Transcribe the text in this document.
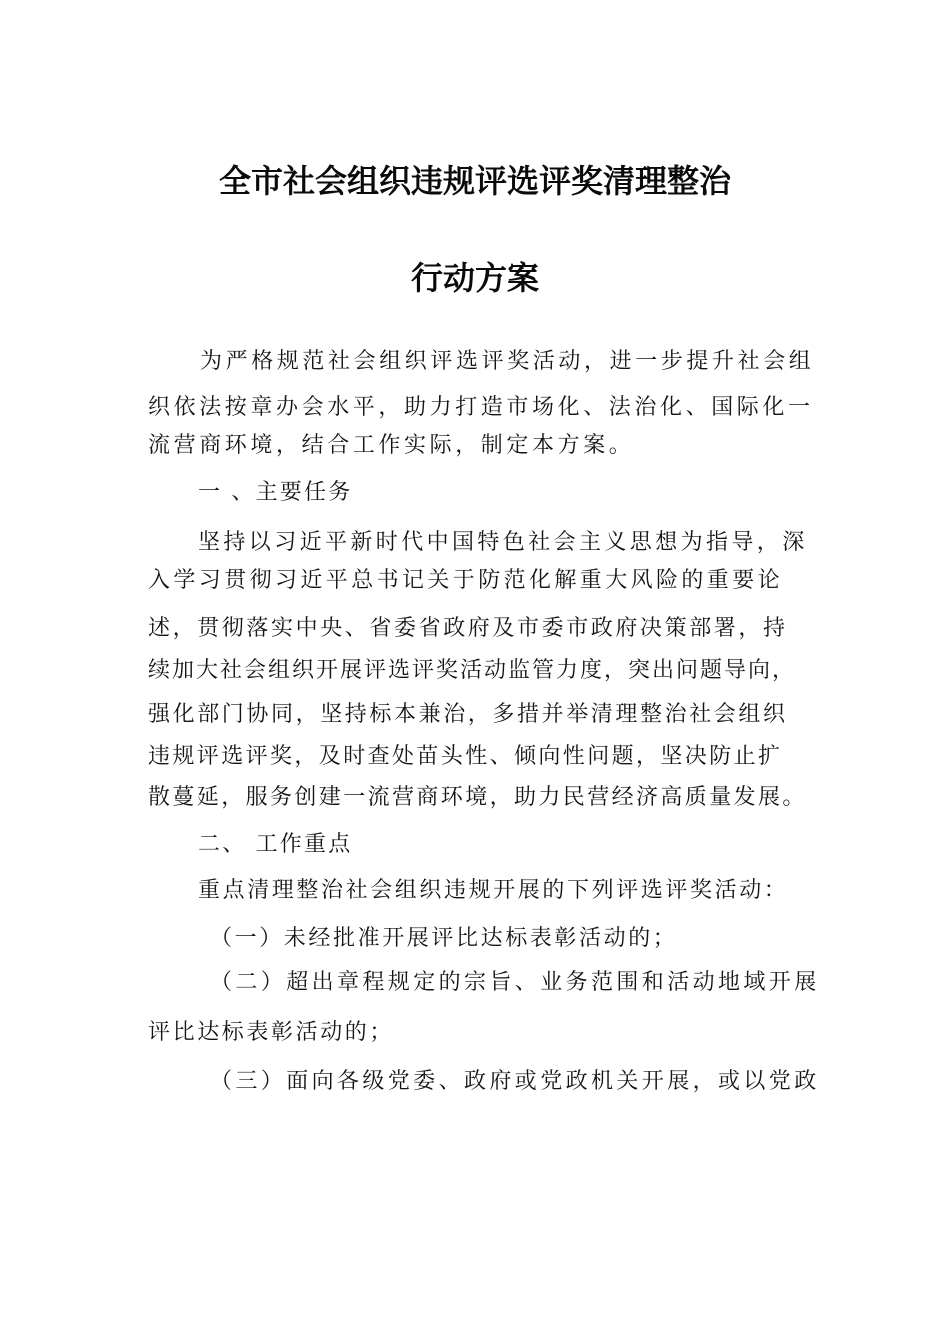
全市社会组织违规评选评奖清理整治
行动方案
为严格规范社会组织评选评奖活动，进一步提升社会组
织依法按章办会水平，助力打造市场化、法治化、国际化一
流营商环境，结合工作实际，制定本方案。
一 、主要任务
坚持以习近平新时代中国特色社会主义思想为指导，深
入学习贯彻习近平总书记关于防范化解重大风险的重要论
述，贯彻落实中央、省委省政府及市委市政府决策部署，持
续加大社会组织开展评选评奖活动监管力度，突出问题导向，
强化部门协同，坚持标本兼治，多措并举清理整治社会组织
违规评选评奖，及时查处苗头性、倾向性问题，坚决防止扩
散蔓延，服务创建一流营商环境，助力民营经济高质量发展。
二、 工作重点
重点清理整治社会组织违规开展的下列评选评奖活动：
（一）未经批准开展评比达标表彰活动的；
（二）超出章程规定的宗旨、业务范围和活动地域开展
评比达标表彰活动的；
（三）面向各级党委、政府或党政机关开展，或以党政
